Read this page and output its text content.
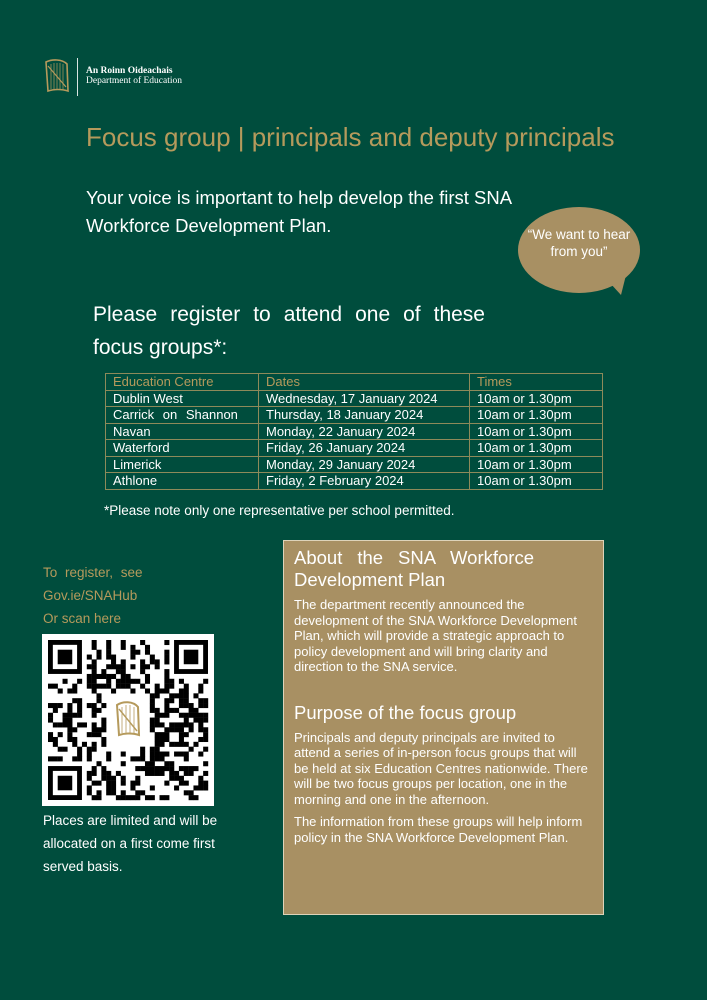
An Roinn Oideachais
Department of Education
Focus group | principals and deputy principals
Your voice is important to help develop the first SNA Workforce Development Plan.	“We want to hear from you”
Please register to attend one of these focus groups*:
Education Centre	Dates	Times
Dublin West	Wednesday, 17 January 2024	10am or 1.30pm
Carrick on Shannon	Thursday, 18 January 2024	10am or 1.30pm
Navan	Monday, 22 January 2024	10am or 1.30pm
Waterford	Friday, 26 January 2024	10am or 1.30pm
Limerick	Monday, 29 January 2024	10am or 1.30pm
Athlone	Friday, 2 February 2024	10am or 1.30pm
*Please note only one representative per school permitted.
To register, see
Gov.ie/SNAHub
Or scan here
Places are limited and will be allocated on a first come first served basis.
About the SNA Workforce Development Plan

The department recently announced the development of the SNA Workforce Development Plan, which will provide a strategic approach to policy development and will bring clarity and direction to the SNA service.

Purpose of the focus group

Principals and deputy principals are invited to attend a series of in-person focus groups that will be held at six Education Centres nationwide. There will be two focus groups per location, one in the morning and one in the afternoon.

The information from these groups will help inform policy in the SNA Workforce Development Plan.
